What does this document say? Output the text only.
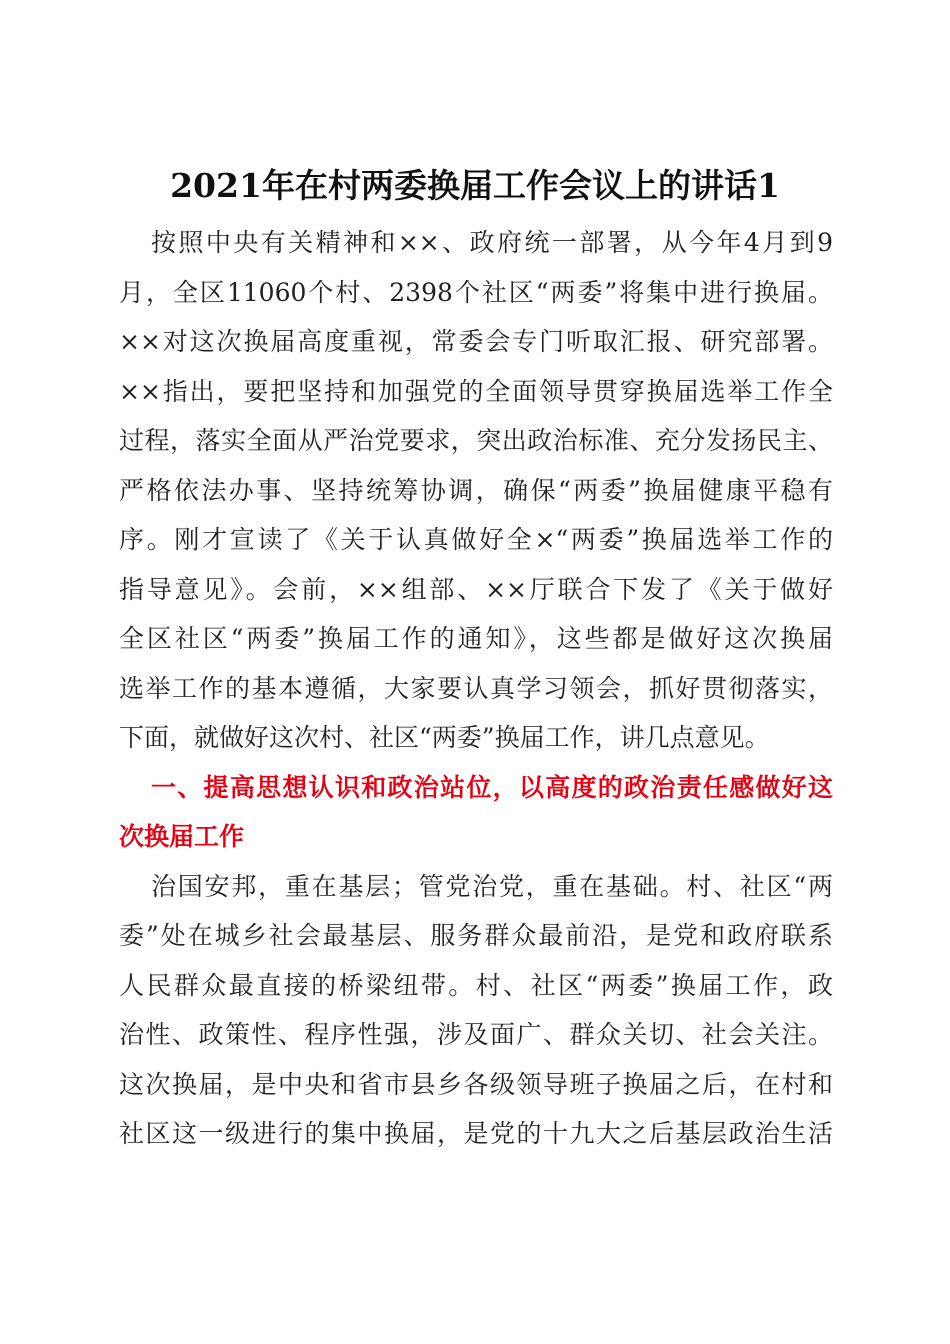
2021年在村两委换届工作会议上的讲话1
按照中央有关精神和××、政府统一部署，从今年4月到9
月，全区11060个村、2398个社区“两委”将集中进行换届。
××对这次换届高度重视，常委会专门听取汇报、研究部署。
××指出，要把坚持和加强党的全面领导贯穿换届选举工作全
过程，落实全面从严治党要求，突出政治标准、充分发扬民主、
严格依法办事、坚持统筹协调，确保“两委”换届健康平稳有
序。刚才宣读了《关于认真做好全×“两委”换届选举工作的
指导意见》。会前，××组部、××厅联合下发了《关于做好
全区社区“两委”换届工作的通知》，这些都是做好这次换届
选举工作的基本遵循，大家要认真学习领会，抓好贯彻落实，
下面，就做好这次村、社区“两委”换届工作，讲几点意见。
一、提高思想认识和政治站位，以高度的政治责任感做好这
次换届工作
治国安邦，重在基层；管党治党，重在基础。村、社区“两
委”处在城乡社会最基层、服务群众最前沿，是党和政府联系
人民群众最直接的桥梁纽带。村、社区“两委”换届工作，政
治性、政策性、程序性强，涉及面广、群众关切、社会关注。
这次换届，是中央和省市县乡各级领导班子换届之后，在村和
社区这一级进行的集中换届，是党的十九大之后基层政治生活
